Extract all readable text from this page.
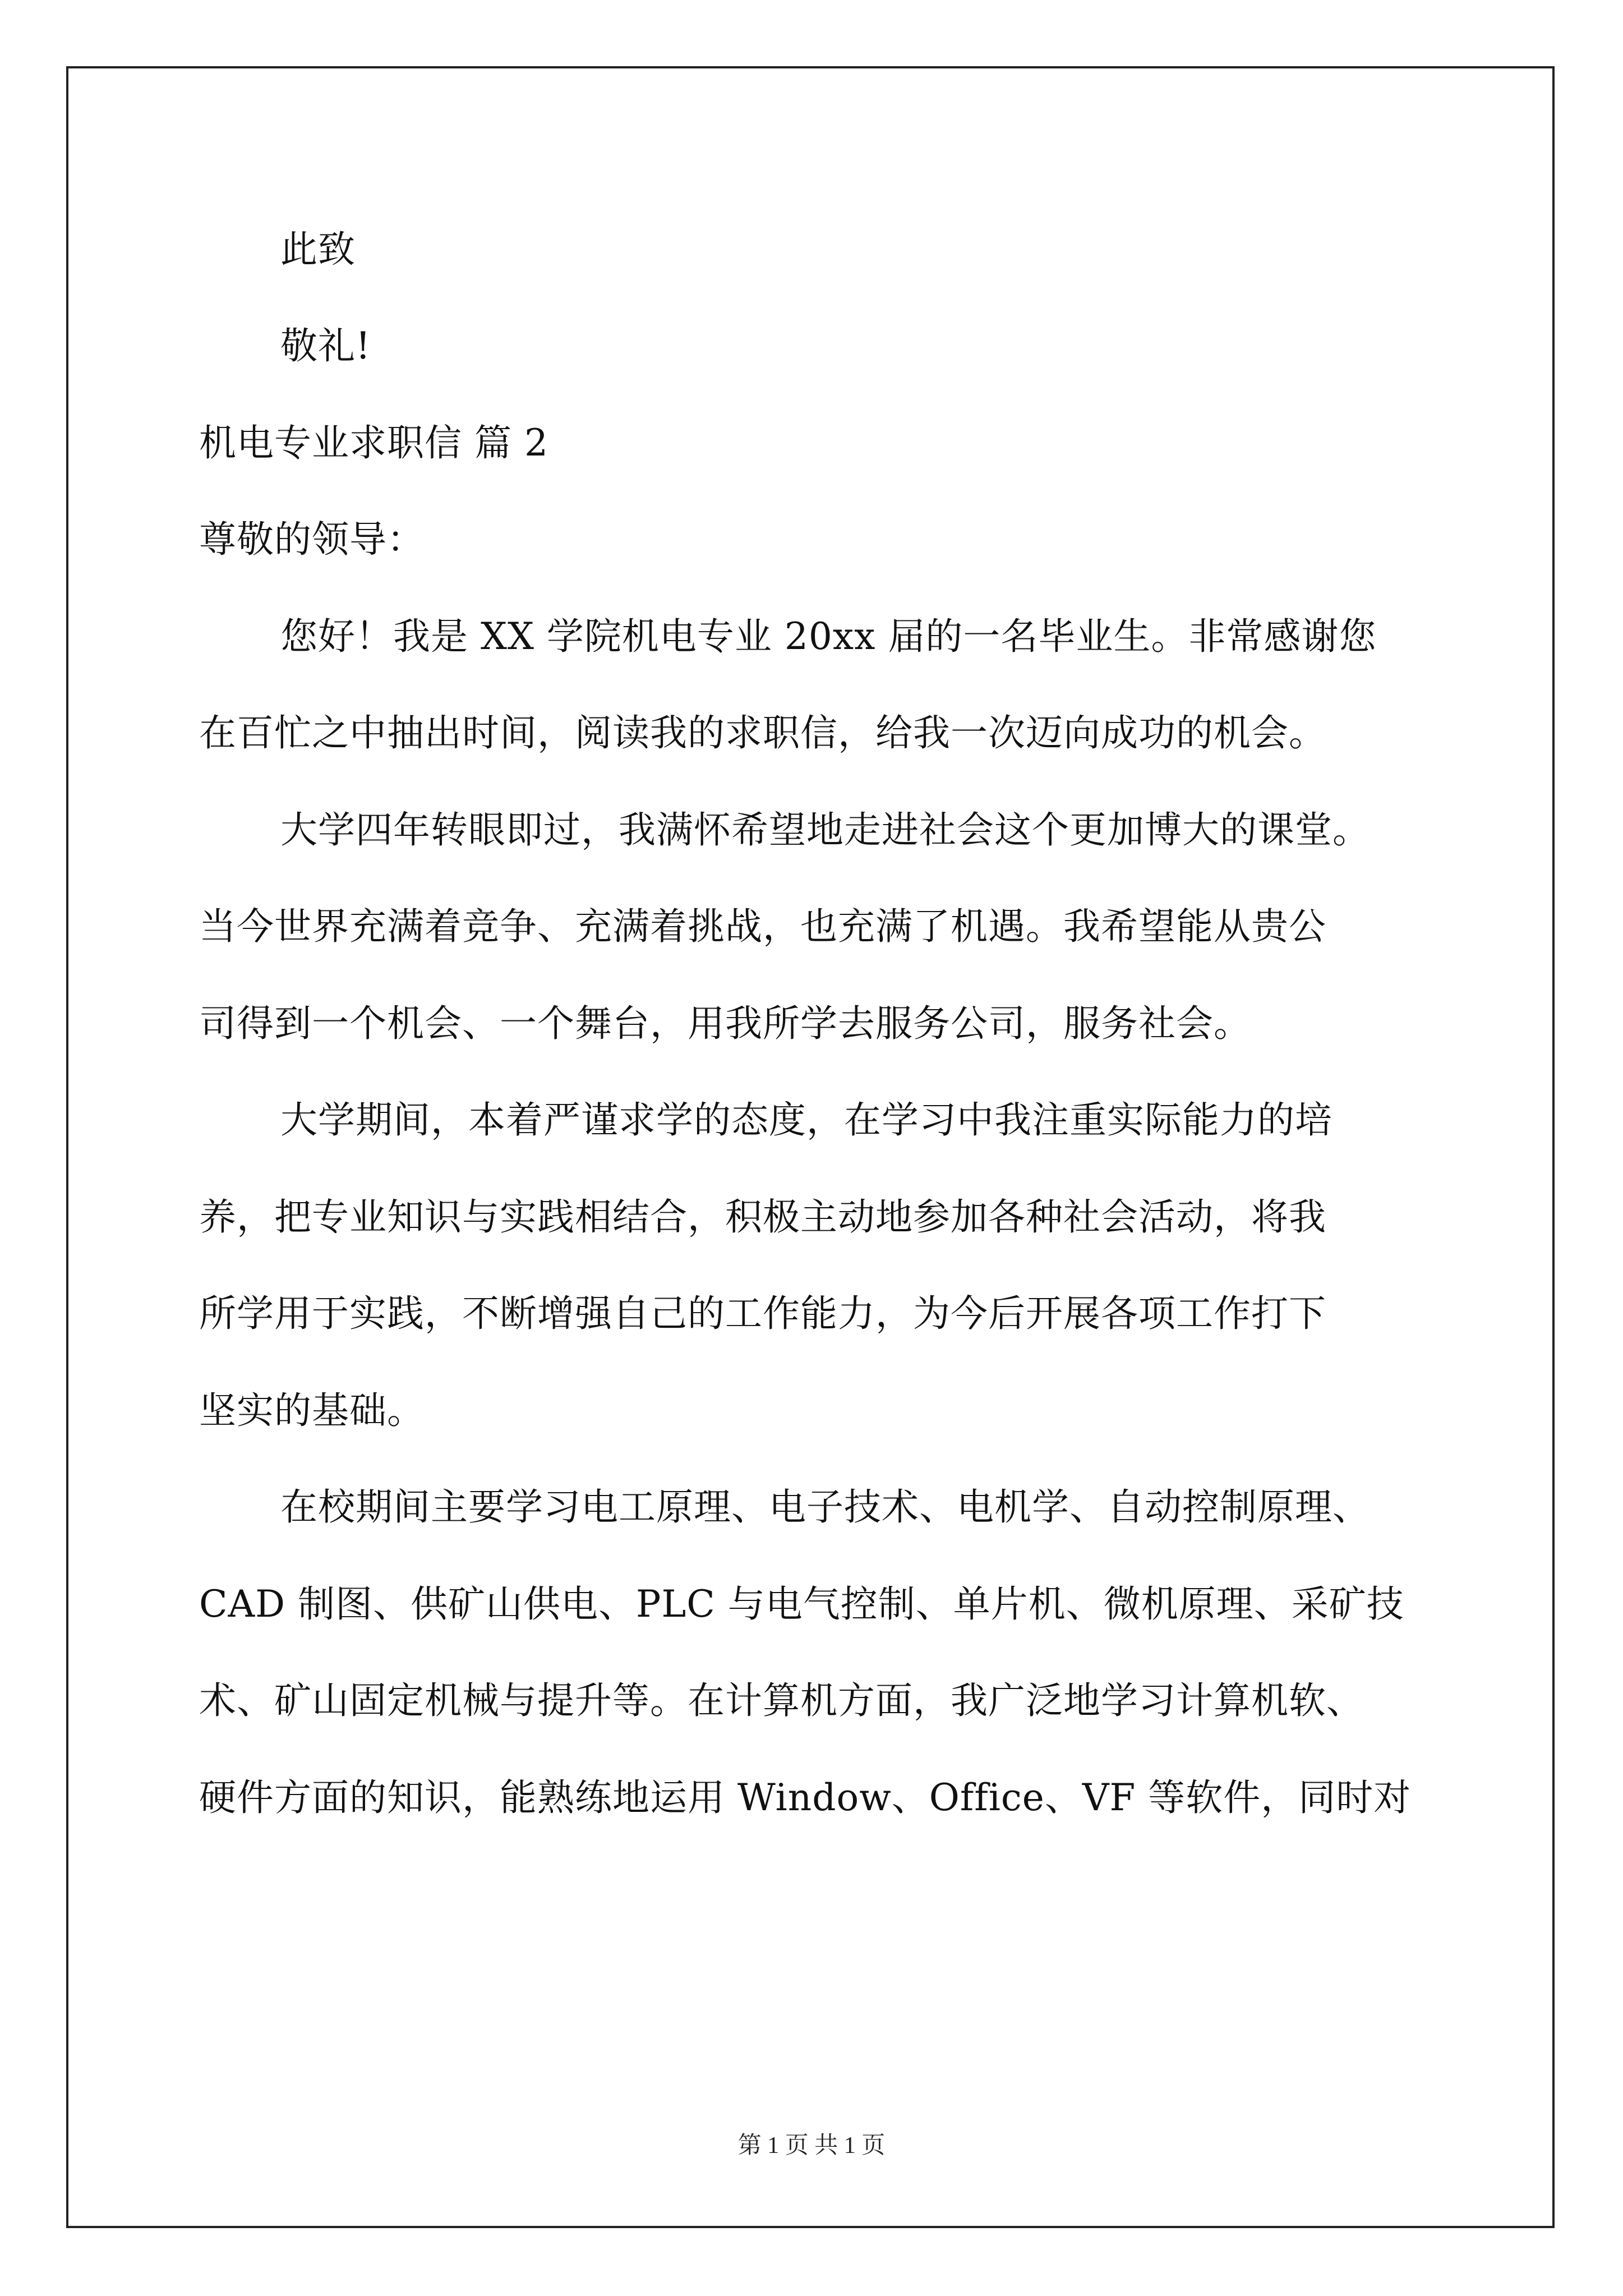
此致
敬礼!
机电专业求职信 篇 2
尊敬的领导：
您好！我是 XX 学院机电专业 20xx 届的一名毕业生。非常感谢您
在百忙之中抽出时间，阅读我的求职信，给我一次迈向成功的机会。
大学四年转眼即过，我满怀希望地走进社会这个更加博大的课堂。
当今世界充满着竞争、充满着挑战，也充满了机遇。我希望能从贵公
司得到一个机会、一个舞台，用我所学去服务公司，服务社会。
大学期间，本着严谨求学的态度，在学习中我注重实际能力的培
养，把专业知识与实践相结合，积极主动地参加各种社会活动，将我
所学用于实践，不断增强自己的工作能力，为今后开展各项工作打下
坚实的基础。
在校期间主要学习电工原理、电子技术、电机学、自动控制原理、
CAD 制图、供矿山供电、PLC 与电气控制、单片机、微机原理、采矿技
术、矿山固定机械与提升等。在计算机方面，我广泛地学习计算机软、
硬件方面的知识，能熟练地运用 Window、Office、VF 等软件，同时对
第 1 页 共 1 页
